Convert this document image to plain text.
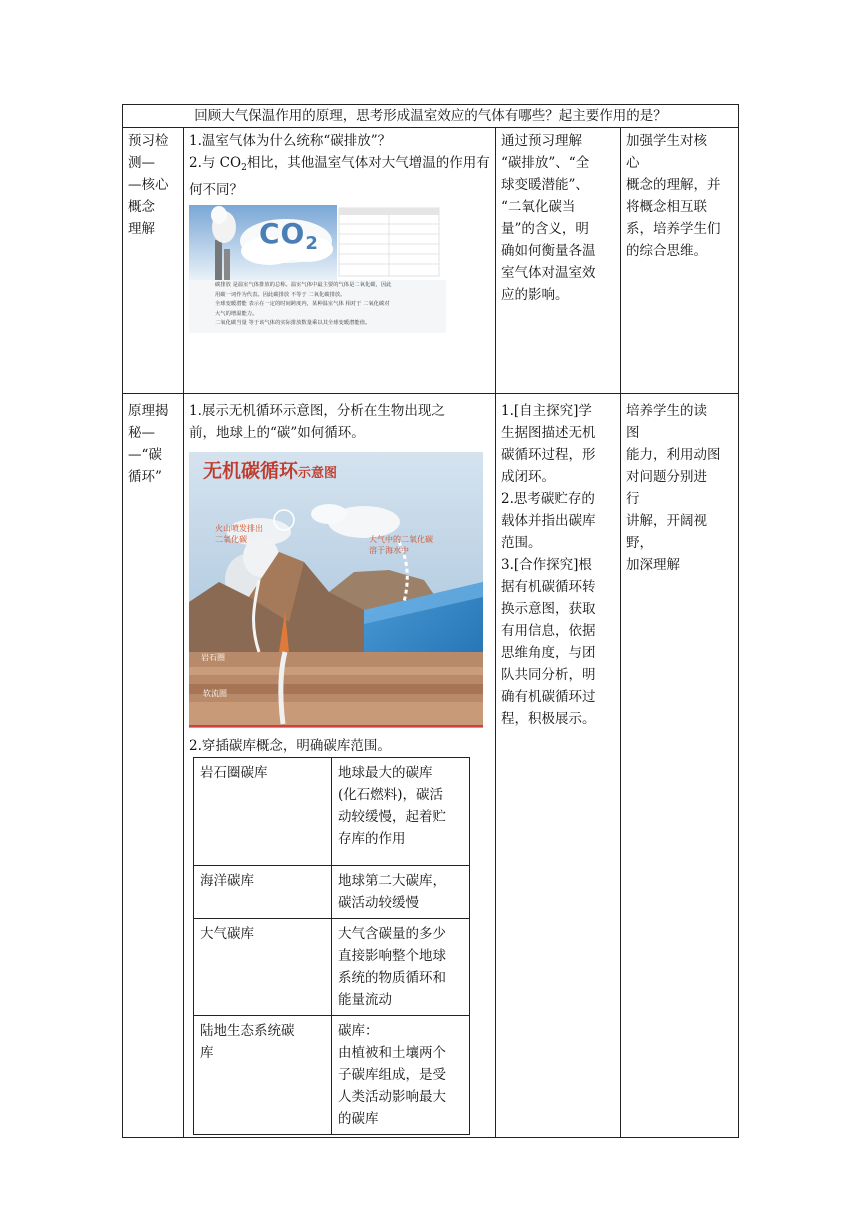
回顾大气保温作用的原理，思考形成温室效应的气体有哪些？起主要作用的是？

预习检
测—
—核心
概念
理解

1.温室气体为什么统称“碳排放”？
2.与 $CO_2$相比，其他温室气体对大气增温的作用有何不同？
$CO_2$
碳排放 是温室气体排放的总称。温室气体中最主要的气体是二氧化碳，因此
用碳一词作为代表。因此碳排放 不等于 二氧化碳排放。
全球变暖潜能 表示在一定的时间跨度内，某种温室气体 相对于 二氧化碳对
大气的增温能力。
二氧化碳当量 等于该气体的实际排放数量乘以其全球变暖潜能值。

通过预习理解
“碳排放”、“全
球变暖潜能”、
“二氧化碳当
量”的含义，明
确如何衡量各温
室气体对温室效
应的影响。

加强学生对核
心
概念的理解，并
将概念相互联
系，培养学生们
的综合思维。

原理揭
秘—
—“碳
循环”

1.展示无机循环示意图，分析在生物出现之
前，地球上的“碳”如何循环。
无机碳循环示意图
火山喷发排出
二氧化碳	大气中的二氧化碳
溶于海水中
岩石圈
软流圈
2.穿插碳库概念，明确碳库范围。
岩石圈碳库	地球最大的碳库
(化石燃料)，碳活
动较缓慢，起着贮
存库的作用

海洋碳库	地球第二大碳库，
碳活动较缓慢

大气碳库	大气含碳量的多少
直接影响整个地球
系统的物质循环和
能量流动

陆地生态系统碳
库

碳库：
由植被和土壤两个
子碳库组成，是受
人类活动影响最大
的碳库

1.[自主探究]学
生据图描述无机
碳循环过程，形
成闭环。
2.思考碳贮存的
载体并指出碳库
范围。
3.[合作探究]根
据有机碳循环转
换示意图，获取
有用信息，依据
思维角度，与团
队共同分析，明
确有机碳循环过
程，积极展示。

培养学生的读
图
能力，利用动图
对问题分别进
行
讲解，开阔视
野，
加深理解
